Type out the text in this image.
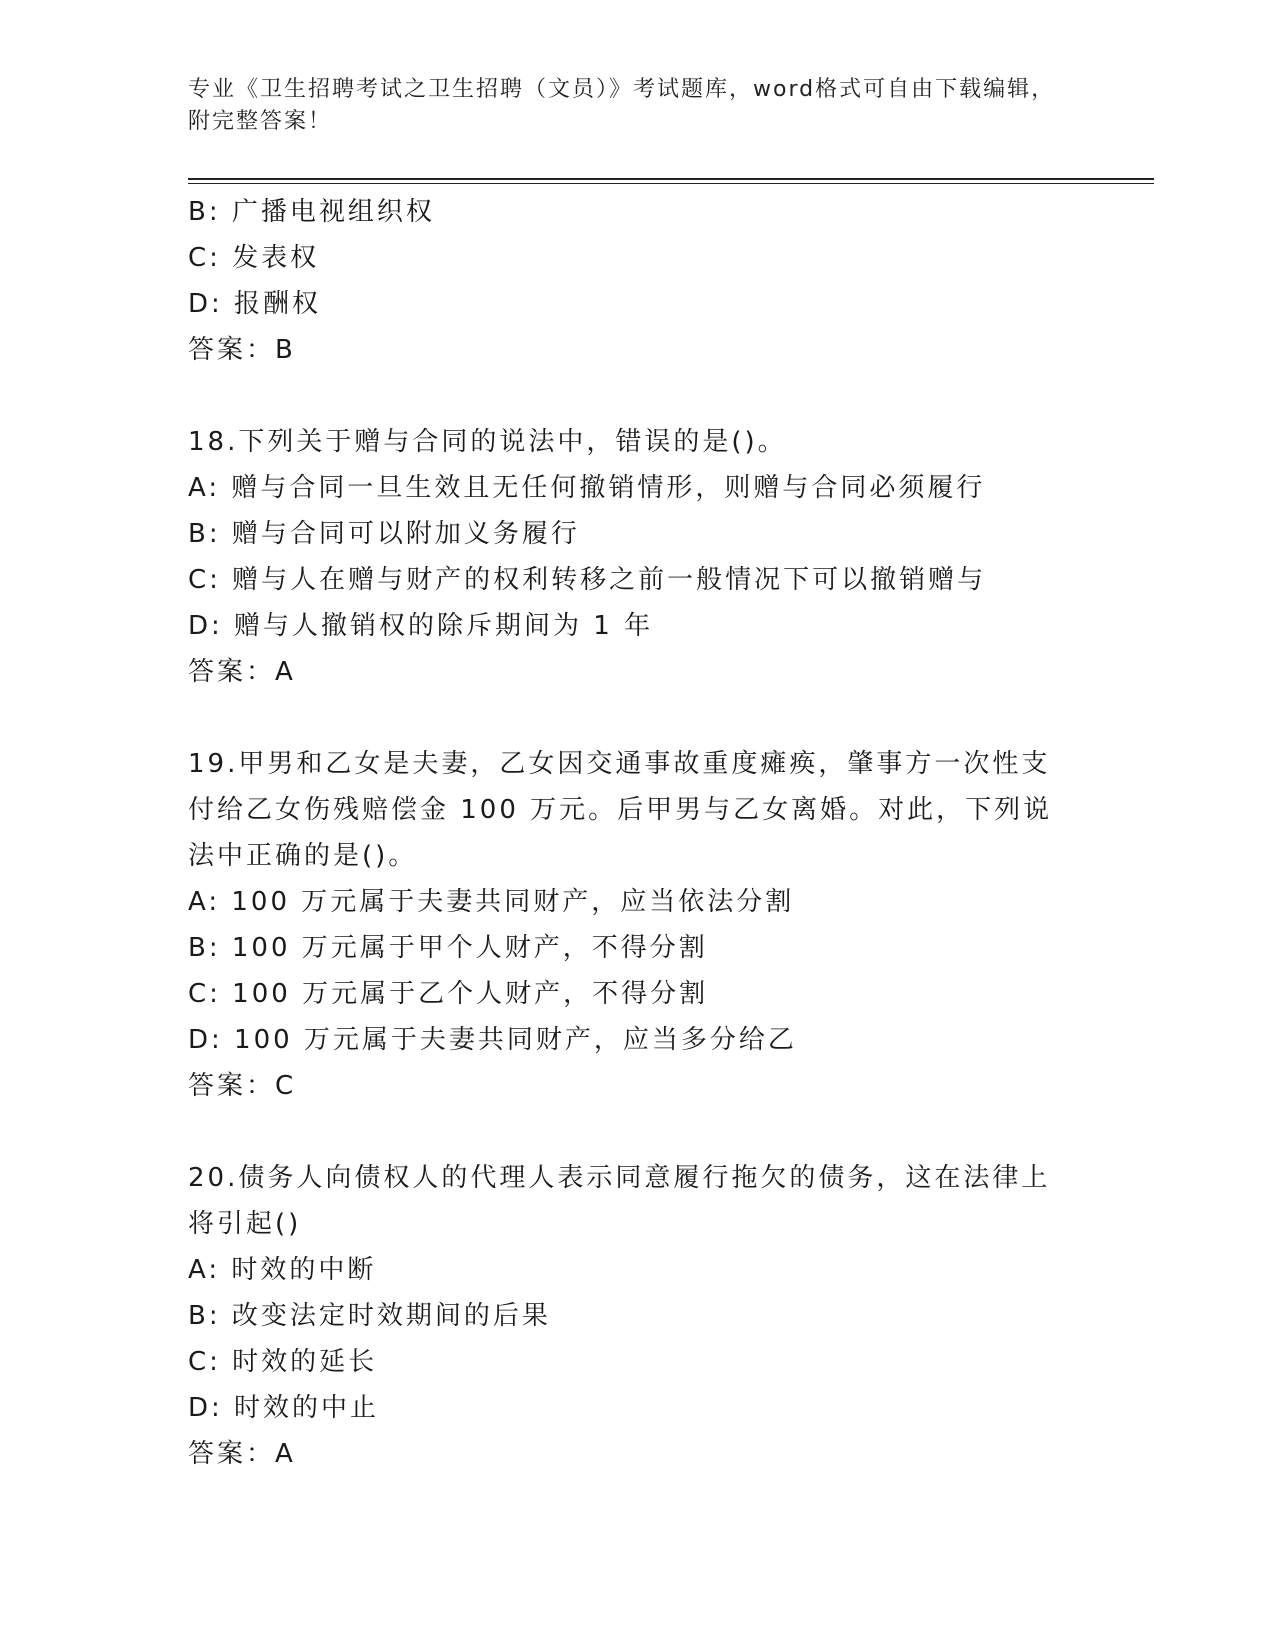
专业《卫生招聘考试之卫生招聘（文员）》考试题库，word格式可自由下载编辑，附完整答案！

B: 广播电视组织权

C: 发表权

D: 报酬权

答案：B

18.下列关于赠与合同的说法中，错误的是()。

A: 赠与合同一旦生效且无任何撤销情形，则赠与合同必须履行

B: 赠与合同可以附加义务履行

C: 赠与人在赠与财产的权利转移之前一般情况下可以撤销赠与

D: 赠与人撤销权的除斥期间为 1 年

答案：A

19.甲男和乙女是夫妻，乙女因交通事故重度瘫痪，肇事方一次性支付给乙女伤残赔偿金 100 万元。后甲男与乙女离婚。对此，下列说法中正确的是()。

A: 100 万元属于夫妻共同财产，应当依法分割

B: 100 万元属于甲个人财产，不得分割

C: 100 万元属于乙个人财产，不得分割

D: 100 万元属于夫妻共同财产，应当多分给乙

答案：C

20.债务人向债权人的代理人表示同意履行拖欠的债务，这在法律上将引起()

A: 时效的中断

B: 改变法定时效期间的后果

C: 时效的延长

D: 时效的中止

答案：A
